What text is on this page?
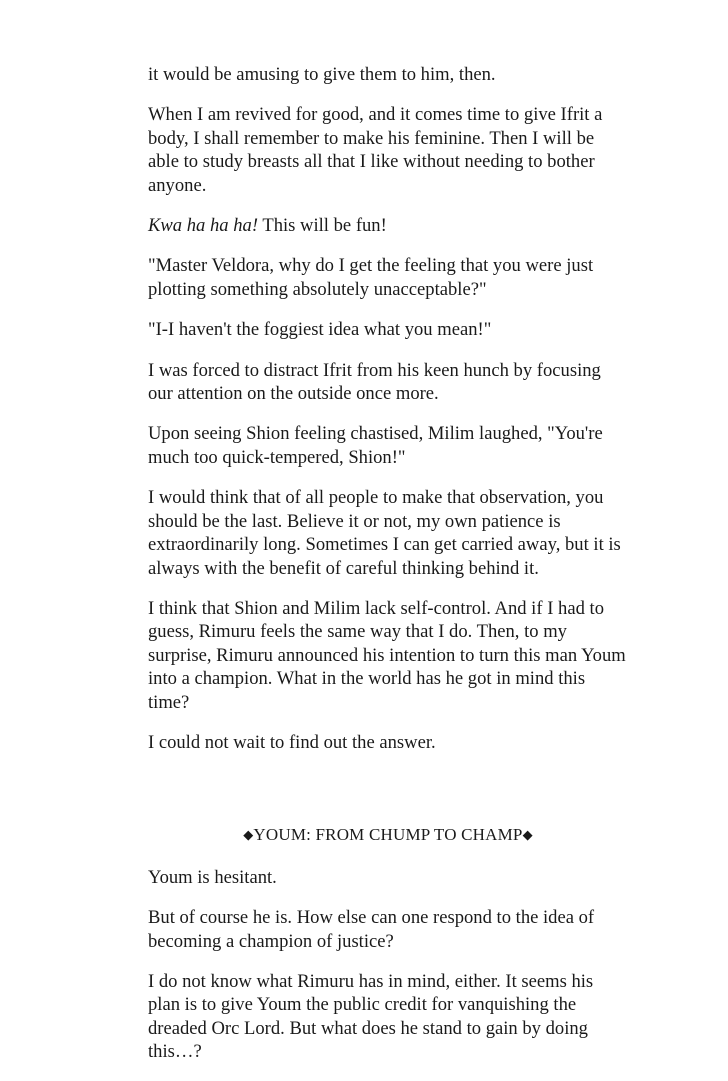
it would be amusing to give them to him, then.

When I am revived for good, and it comes time to give Ifrit a body, I shall remember to make his feminine. Then I will be able to study breasts all that I like without needing to bother anyone.

Kwa ha ha ha! This will be fun!

"Master Veldora, why do I get the feeling that you were just plotting something absolutely unacceptable?"

"I-I haven't the foggiest idea what you mean!"

I was forced to distract Ifrit from his keen hunch by focusing our attention on the outside once more.

Upon seeing Shion feeling chastised, Milim laughed, "You're much too quick-tempered, Shion!"

I would think that of all people to make that observation, you should be the last. Believe it or not, my own patience is extraordinarily long. Sometimes I can get carried away, but it is always with the benefit of careful thinking behind it.

I think that Shion and Milim lack self-control. And if I had to guess, Rimuru feels the same way that I do. Then, to my surprise, Rimuru announced his intention to turn this man Youm into a champion. What in the world has he got in mind this time?

I could not wait to find out the answer.

◆YOUM: FROM CHUMP TO CHAMP◆

Youm is hesitant.

But of course he is. How else can one respond to the idea of becoming a champion of justice?

I do not know what Rimuru has in mind, either. It seems his plan is to give Youm the public credit for vanquishing the dreaded Orc Lord. But what does he stand to gain by doing this…?
